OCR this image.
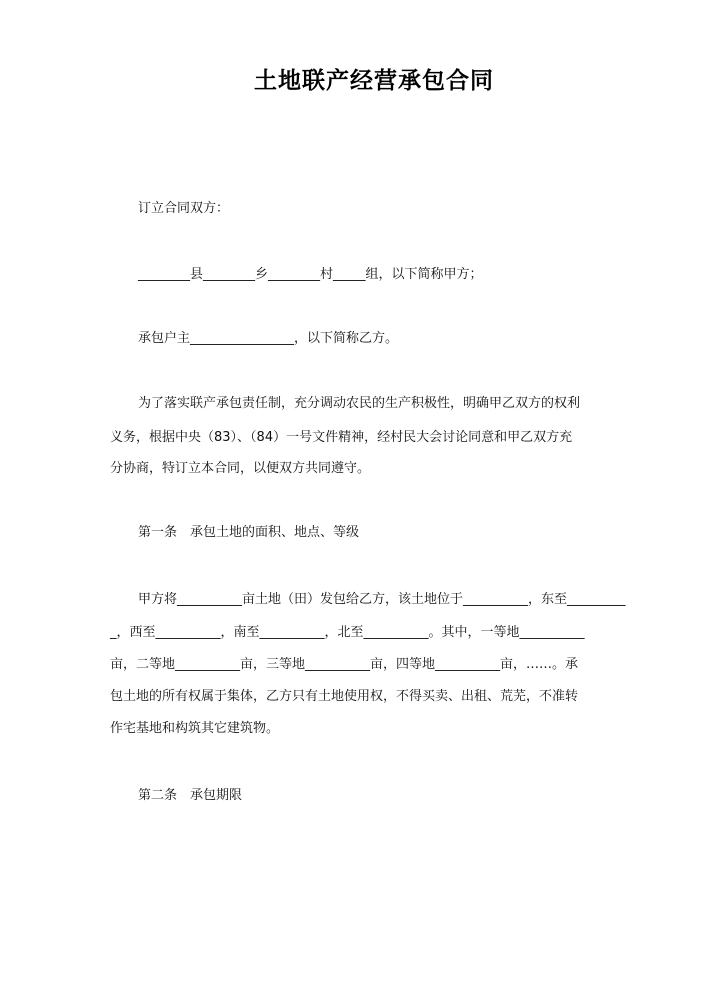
土地联产经营承包合同
订立合同双方：
________县________乡________村_____组，以下简称甲方；
承包户主________________，以下简称乙方。
为了落实联产承包责任制，充分调动农民的生产积极性，明确甲乙双方的权利
义务，根据中央（83）、（84）一号文件精神，经村民大会讨论同意和甲乙双方充
分协商，特订立本合同，以便双方共同遵守。
第一条　承包土地的面积、地点、等级
甲方将__________亩土地（田）发包给乙方，该土地位于__________，东至_________
_，西至__________，南至__________，北至__________。其中，一等地__________
亩，二等地__________亩，三等地__________亩，四等地__________亩，……。承
包土地的所有权属于集体，乙方只有土地使用权，不得买卖、出租、荒芜，不准转
作宅基地和构筑其它建筑物。
第二条　承包期限
